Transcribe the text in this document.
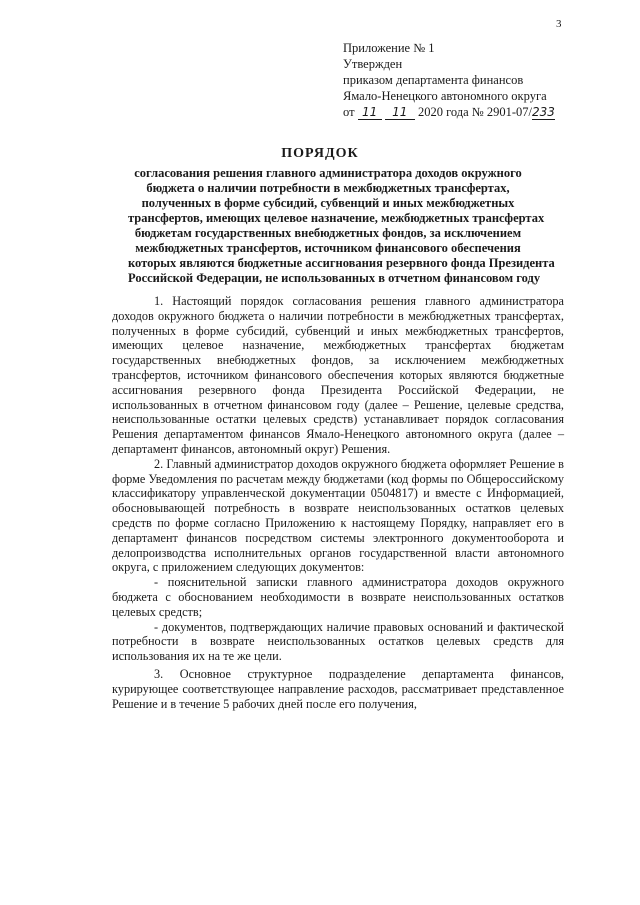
3
Приложение № 1
Утвержден
приказом департамента финансов
Ямало-Ненецкого автономного округа
от 11 11 2020 года № 2901-07/233
ПОРЯДОК
согласования решения главного администратора доходов окружного
бюджета о наличии потребности в межбюджетных трансфертах,
полученных в форме субсидий, субвенций и иных межбюджетных
трансфертов, имеющих целевое назначение, межбюджетных трансфертах
бюджетам государственных внебюджетных фондов, за исключением
межбюджетных трансфертов, источником финансового обеспечения
которых являются бюджетные ассигнования резервного фонда Президента
Российской Федерации, не использованных в отчетном финансовом году

1. Настоящий порядок согласования решения главного администратора доходов окружного бюджета о наличии потребности в межбюджетных трансфертах, полученных в форме субсидий, субвенций и иных межбюджетных трансфертов, имеющих целевое назначение, межбюджетных трансфертах бюджетам государственных внебюджетных фондов, за исключением межбюджетных трансфертов, источником финансового обеспечения которых являются бюджетные ассигнования резервного фонда Президента Российской Федерации, не использованных в отчетном финансовом году (далее – Решение, целевые средства, неиспользованные остатки целевых средств) устанавливает порядок согласования Решения департаментом финансов Ямало-Ненецкого автономного округа (далее – департамент финансов, автономный округ) Решения.

2. Главный администратор доходов окружного бюджета оформляет Решение в форме Уведомления по расчетам между бюджетами (код формы по Общероссийскому классификатору управленческой документации 0504817) и вместе с Информацией, обосновывающей потребность в возврате неиспользованных остатков целевых средств по форме согласно Приложению к настоящему Порядку, направляет его в департамент финансов посредством системы электронного документооборота и делопроизводства исполнительных органов государственной власти автономного округа, с приложением следующих документов:

- пояснительной записки главного администратора доходов окружного бюджета с обоснованием необходимости в возврате неиспользованных остатков целевых средств;

- документов, подтверждающих наличие правовых оснований и фактической потребности в возврате неиспользованных остатков целевых средств для использования их на те же цели.

3. Основное структурное подразделение департамента финансов, курирующее соответствующее направление расходов, рассматривает представленное Решение и в течение 5 рабочих дней после его получения,
